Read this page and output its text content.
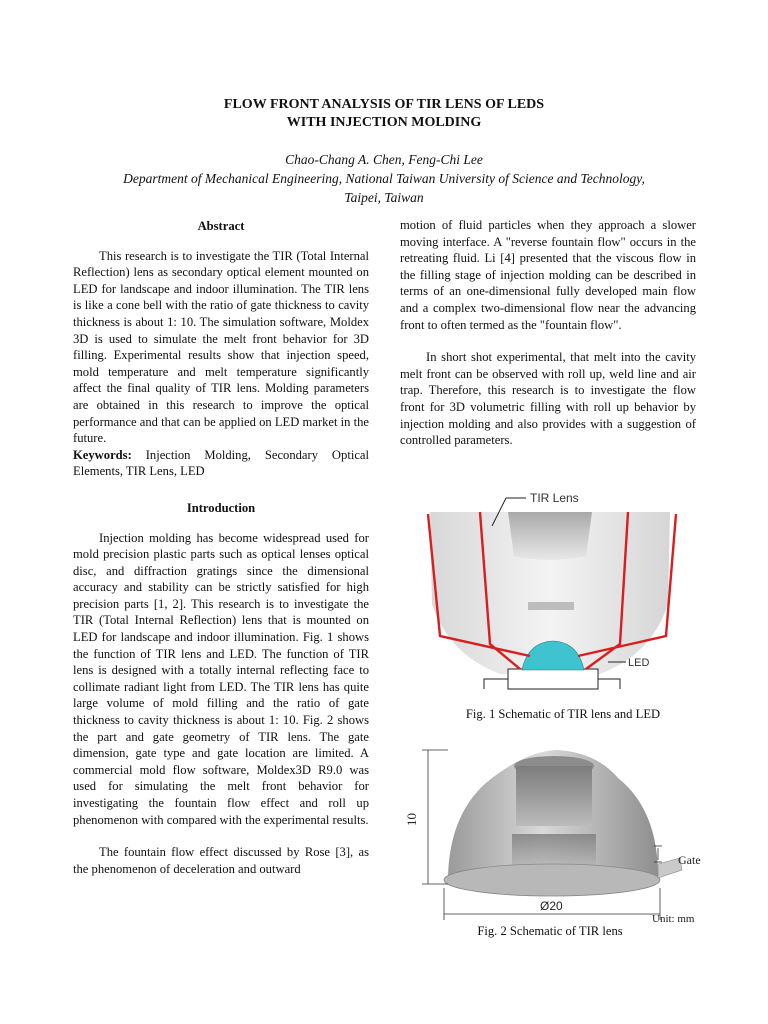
FLOW FRONT ANALYSIS OF TIR LENS OF LEDS
WITH INJECTION MOLDING
Chao-Chang A. Chen, Feng-Chi Lee
Department of Mechanical Engineering, National Taiwan University of Science and Technology,
Taipei, Taiwan
Abstract

This research is to investigate the TIR (Total Internal Reflection) lens as secondary optical element mounted on LED for landscape and indoor illumination. The TIR lens is like a cone bell with the ratio of gate thickness to cavity thickness is about 1: 10. The simulation software, Moldex 3D is used to simulate the melt front behavior for 3D filling. Experimental results show that injection speed, mold temperature and melt temperature significantly affect the final quality of TIR lens. Molding parameters are obtained in this research to improve the optical performance and that can be applied on LED market in the future.

Keywords: Injection Molding, Secondary Optical Elements, TIR Lens, LED

Introduction

Injection molding has become widespread used for mold precision plastic parts such as optical lenses optical disc, and diffraction gratings since the dimensional accuracy and stability can be strictly satisfied for high precision parts [1, 2]. This research is to investigate the TIR (Total Internal Reflection) lens that is mounted on LED for landscape and indoor illumination. Fig. 1 shows the function of TIR lens and LED. The function of TIR lens is designed with a totally internal reflecting face to collimate radiant light from LED. The TIR lens has quite large volume of mold filling and the ratio of gate thickness to cavity thickness is about 1: 10. Fig. 2 shows the part and gate geometry of TIR lens. The gate dimension, gate type and gate location are limited. A commercial mold flow software, Moldex3D R9.0 was used for simulating the melt front behavior for investigating the fountain flow effect and roll up phenomenon with compared with the experimental results.

The fountain flow effect discussed by Rose [3], as the phenomenon of deceleration and outward

motion of fluid particles when they approach a slower moving interface. A "reverse fountain flow" occurs in the retreating fluid. Li [4] presented that the viscous flow in the filling stage of injection molding can be described in terms of an one-dimensional fully developed main flow and a complex two-dimensional flow near the advancing front to often termed as the "fountain flow".

In short shot experimental, that melt into the cavity melt front can be observed with roll up, weld line and air trap. Therefore, this research is to investigate the flow front for 3D volumetric filling with roll up behavior by injection molding and also provides with a suggestion of controlled parameters.

TIR Lens
LED
Fig. 1 Schematic of TIR lens and LED
10
Ø20
Gate
Unit: mm
Fig. 2 Schematic of TIR lens
